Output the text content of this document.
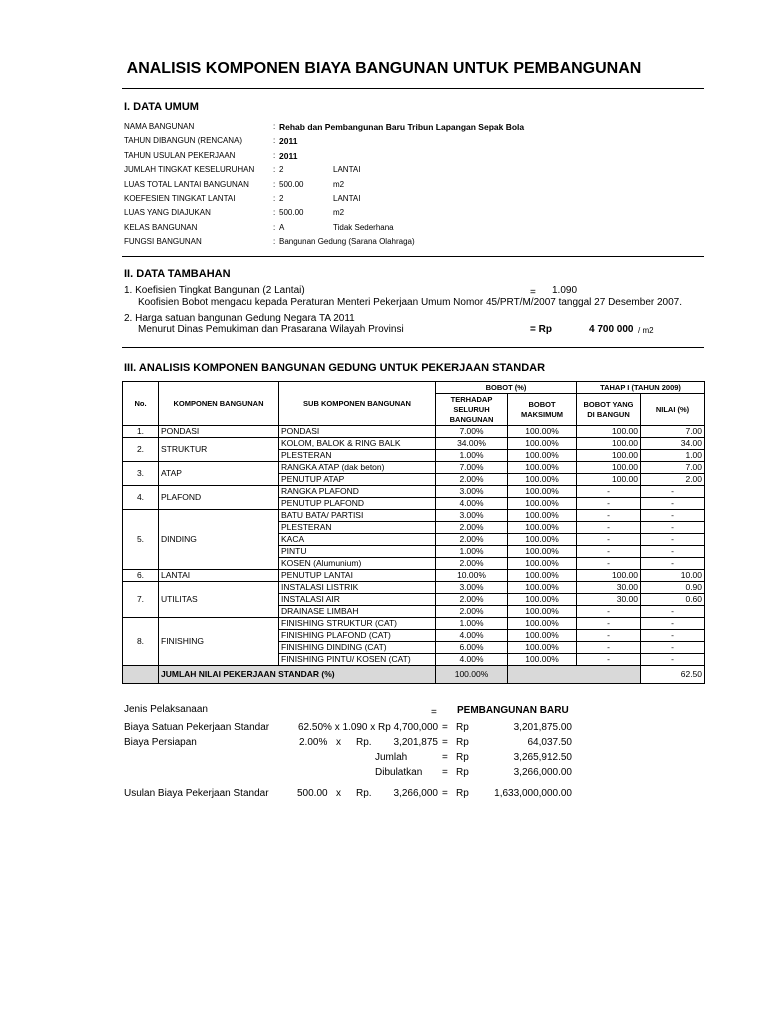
ANALISIS KOMPONEN BIAYA BANGUNAN UNTUK PEMBANGUNAN
I. DATA UMUM
NAMA BANGUNAN	: Rehab dan Pembangunan Baru Tribun Lapangan Sepak Bola
TAHUN DIBANGUN (RENCANA)	: 2011
TAHUN USULAN PEKERJAAN	: 2011
JUMLAH TINGKAT KESELURUHAN : 2	LANTAI
LUAS TOTAL LANTAI BANGUNAN	: 500.00	m2
KOEFESIEN TINGKAT LANTAI	: 2	LANTAI
LUAS YANG DIAJUKAN	: 500.00	m2
KELAS BANGUNAN	: A	Tidak Sederhana
FUNGSI BANGUNAN	: Bangunan Gedung (Sarana Olahraga)
II. DATA TAMBAHAN
1. Koefisien Tingkat Bangunan (2 Lantai)	= 1.090
Koofisien Bobot mengacu kepada Peraturan Menteri Pekerjaan Umum Nomor 45/PRT/M/2007 tanggal 27 Desember 2007.
2. Harga satuan bangunan Gedung Negara TA 2011
Menurut Dinas Pemukiman dan Prasarana Wilayah Provinsi	= Rp	4 700 000 / m2
III. ANALISIS KOMPONEN BANGUNAN GEDUNG UNTUK PEKERJAAN STANDAR
No.	KOMPONEN BANGUNAN	SUB KOMPONEN BANGUNAN	BOBOT (%)		TAHAP I (TAHUN 2009)	
			TERHADAP SELURUH BANGUNAN	BOBOT MAKSIMUM	BOBOT YANG DI BANGUN	NILAI (%)
1.	PONDASI	PONDASI	7.00%	100.00%	100.00	7.00
2.	STRUKTUR	KOLOM, BALOK & RING BALK	34.00%	100.00%	100.00	34.00
		PLESTERAN	1.00%	100.00%	100.00	1.00
3.	ATAP	RANGKA ATAP (dak beton)	7.00%	100.00%	100.00	7.00
		PENUTUP ATAP	2.00%	100.00%	100.00	2.00
4.	PLAFOND	RANGKA PLAFOND	3.00%	100.00%	-	-
		PENUTUP PLAFOND	4.00%	100.00%	-	-
5.	DINDING	BATU BATA/ PARTISI	3.00%	100.00%	-	-
		PLESTERAN	2.00%	100.00%	-	-
		KACA	2.00%	100.00%	-	-
		PINTU	1.00%	100.00%	-	-
		KOSEN (Alumunium)	2.00%	100.00%	-	-
6.	LANTAI	PENUTUP LANTAI	10.00%	100.00%	100.00	10.00
7.	UTILITAS	INSTALASI LISTRIK	3.00%	100.00%	30.00	0.90
		INSTALASI AIR	2.00%	100.00%	30.00	0.60
		DRAINASE LIMBAH	2.00%	100.00%	-	-
8.	FINISHING	FINISHING STRUKTUR (CAT)	1.00%	100.00%	-	-
		FINISHING PLAFOND (CAT)	4.00%	100.00%	-	-
		FINISHING DINDING (CAT)	6.00%	100.00%	-	-
		FINISHING PINTU/ KOSEN (CAT)	4.00%	100.00%	-	-
	JUMLAH NILAI PEKERJAAN STANDAR (%)		100.00%			62.50
Jenis Pelaksanaan	= PEMBANGUNAN BARU
Biaya Satuan Pekerjaan Standar	62.50% x 1.090 x Rp 4,700,000 = Rp	3,201,875.00
Biaya Persiapan	2.00% x Rp.	3,201,875 = Rp	64,037.50
Jumlah	= Rp	3,265,912.50
Dibulatkan = Rp	3,266,000.00
Usulan Biaya Pekerjaan Standar	500.00 x Rp.	3,266,000 = Rp	1,633,000,000.00
